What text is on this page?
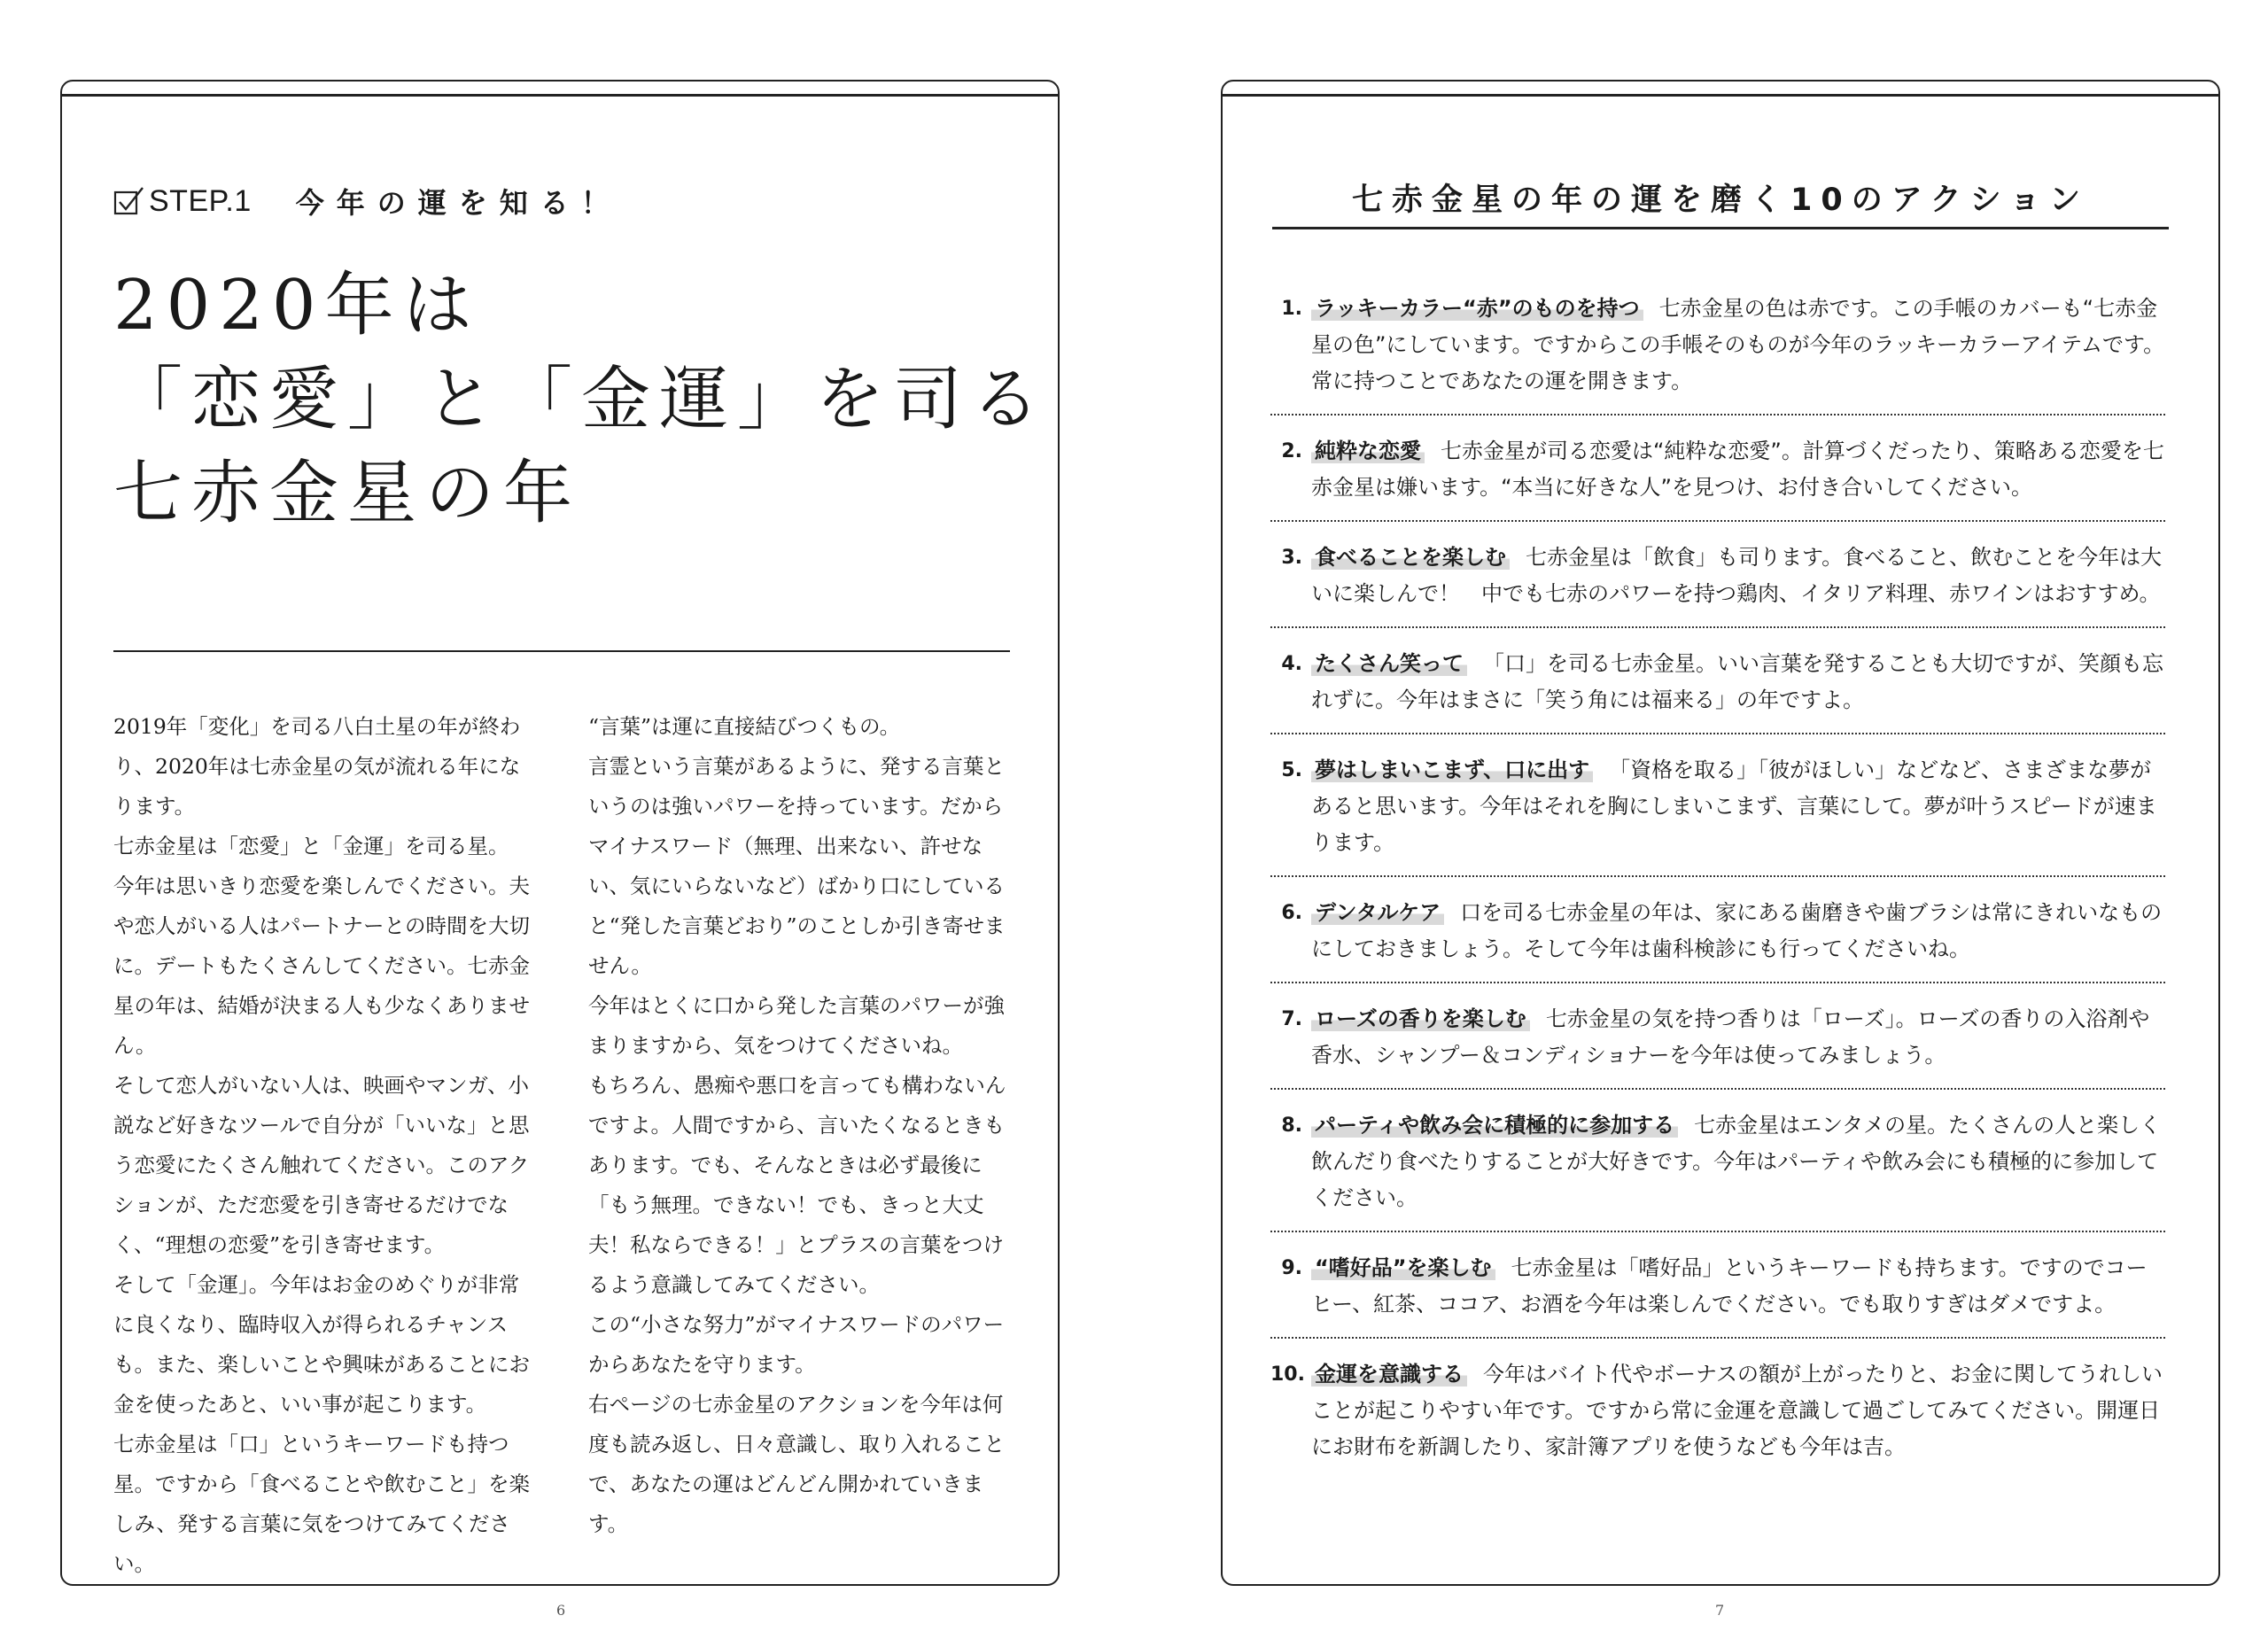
STEP.1 今年の運を知る！
2020年は
「恋愛」と「金運」を司る
七赤金星の年

2019年「変化」を司る八白土星の年が終わり、2020年は七赤金星の気が流れる年になります。

七赤金星は「恋愛」と「金運」を司る星。

今年は思いきり恋愛を楽しんでください。夫や恋人がいる人はパートナーとの時間を大切に。デートもたくさんしてください。七赤金星の年は、結婚が決まる人も少なくありません。

そして恋人がいない人は、映画やマンガ、小説など好きなツールで自分が「いいな」と思う恋愛にたくさん触れてください。このアクションが、ただ恋愛を引き寄せるだけでなく、“理想の恋愛”を引き寄せます。

そして「金運」。今年はお金のめぐりが非常に良くなり、臨時収入が得られるチャンスも。また、楽しいことや興味があることにお金を使ったあと、いい事が起こります。

七赤金星は「口」というキーワードも持つ星。ですから「食べることや飲むこと」を楽しみ、発する言葉に気をつけてみてください。

“言葉”は運に直接結びつくもの。

言霊という言葉があるように、発する言葉というのは強いパワーを持っています。だからマイナスワード（無理、出来ない、許せない、気にいらないなど）ばかり口にしていると“発した言葉どおり”のことしか引き寄せません。

今年はとくに口から発した言葉のパワーが強まりますから、気をつけてくださいね。

もちろん、愚痴や悪口を言っても構わないんですよ。人間ですから、言いたくなるときもあります。でも、そんなときは必ず最後に「もう無理。できない！でも、きっと大丈夫！私ならできる！」とプラスの言葉をつけるよう意識してみてください。

この“小さな努力”がマイナスワードのパワーからあなたを守ります。

右ページの七赤金星のアクションを今年は何度も読み返し、日々意識し、取り入れることで、あなたの運はどんどん開かれていきます。

6
七赤金星の年の運を磨く10のアクション
1. ラッキーカラー“赤”のものを持つ 七赤金星の色は赤です。この手帳のカバーも“七赤金星の色”にしています。ですからこの手帳そのものが今年のラッキーカラーアイテムです。常に持つことであなたの運を開きます。
2. 純粋な恋愛 七赤金星が司る恋愛は“純粋な恋愛”。計算づくだったり、策略ある恋愛を七赤金星は嫌います。“本当に好きな人”を見つけ、お付き合いしてください。
3. 食べることを楽しむ 七赤金星は「飲食」も司ります。食べること、飲むことを今年は大いに楽しんで！　中でも七赤のパワーを持つ鶏肉、イタリア料理、赤ワインはおすすめ。
4. たくさん笑って 「口」を司る七赤金星。いい言葉を発することも大切ですが、笑顔も忘れずに。今年はまさに「笑う角には福来る」の年ですよ。
5. 夢はしまいこまず、口に出す 「資格を取る」「彼がほしい」などなど、さまざまな夢があると思います。今年はそれを胸にしまいこまず、言葉にして。夢が叶うスピードが速まります。
6. デンタルケア 口を司る七赤金星の年は、家にある歯磨きや歯ブラシは常にきれいなものにしておきましょう。そして今年は歯科検診にも行ってくださいね。
7. ローズの香りを楽しむ 七赤金星の気を持つ香りは「ローズ」。ローズの香りの入浴剤や香水、シャンプー＆コンディショナーを今年は使ってみましょう。
8. パーティや飲み会に積極的に参加する 七赤金星はエンタメの星。たくさんの人と楽しく飲んだり食べたりすることが大好きです。今年はパーティや飲み会にも積極的に参加してください。
9. “嗜好品”を楽しむ 七赤金星は「嗜好品」というキーワードも持ちます。ですのでコーヒー、紅茶、ココア、お酒を今年は楽しんでください。でも取りすぎはダメですよ。
10. 金運を意識する 今年はバイト代やボーナスの額が上がったりと、お金に関してうれしいことが起こりやすい年です。ですから常に金運を意識して過ごしてみてください。開運日にお財布を新調したり、家計簿アプリを使うなども今年は吉。
7
